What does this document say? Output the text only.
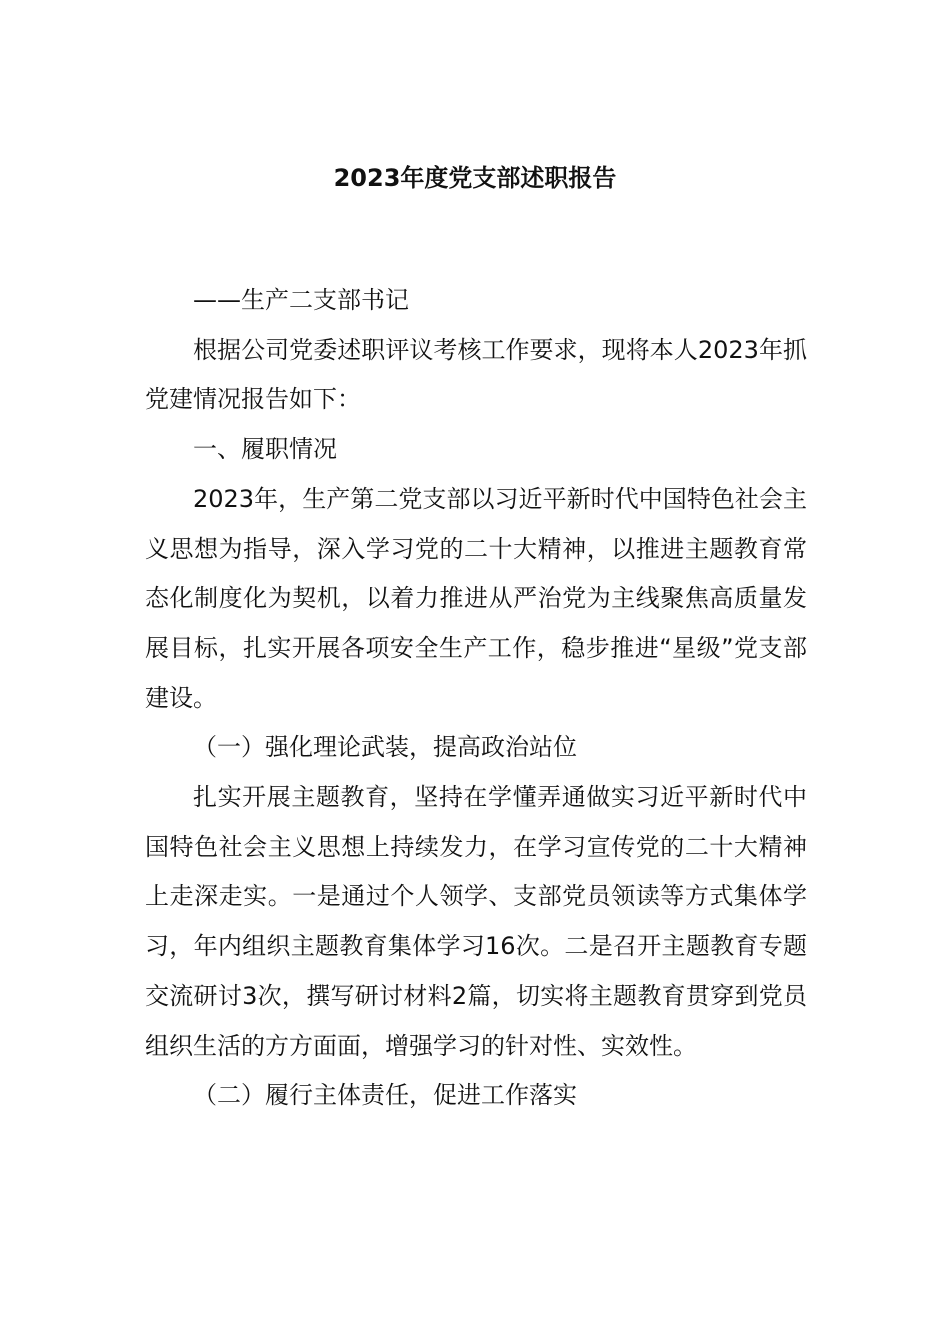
2023年度党支部述职报告

——生产二支部书记

根据公司党委述职评议考核工作要求，现将本人2023年抓党建情况报告如下：

一、履职情况

2023年，生产第二党支部以习近平新时代中国特色社会主义思想为指导，深入学习党的二十大精神，以推进主题教育常态化制度化为契机，以着力推进从严治党为主线聚焦高质量发展目标，扎实开展各项安全生产工作，稳步推进“星级”党支部建设。

（一）强化理论武装，提高政治站位

扎实开展主题教育，坚持在学懂弄通做实习近平新时代中国特色社会主义思想上持续发力，在学习宣传党的二十大精神上走深走实。一是通过个人领学、支部党员领读等方式集体学习，年内组织主题教育集体学习16次。二是召开主题教育专题交流研讨3次，撰写研讨材料2篇，切实将主题教育贯穿到党员组织生活的方方面面，增强学习的针对性、实效性。

（二）履行主体责任，促进工作落实
